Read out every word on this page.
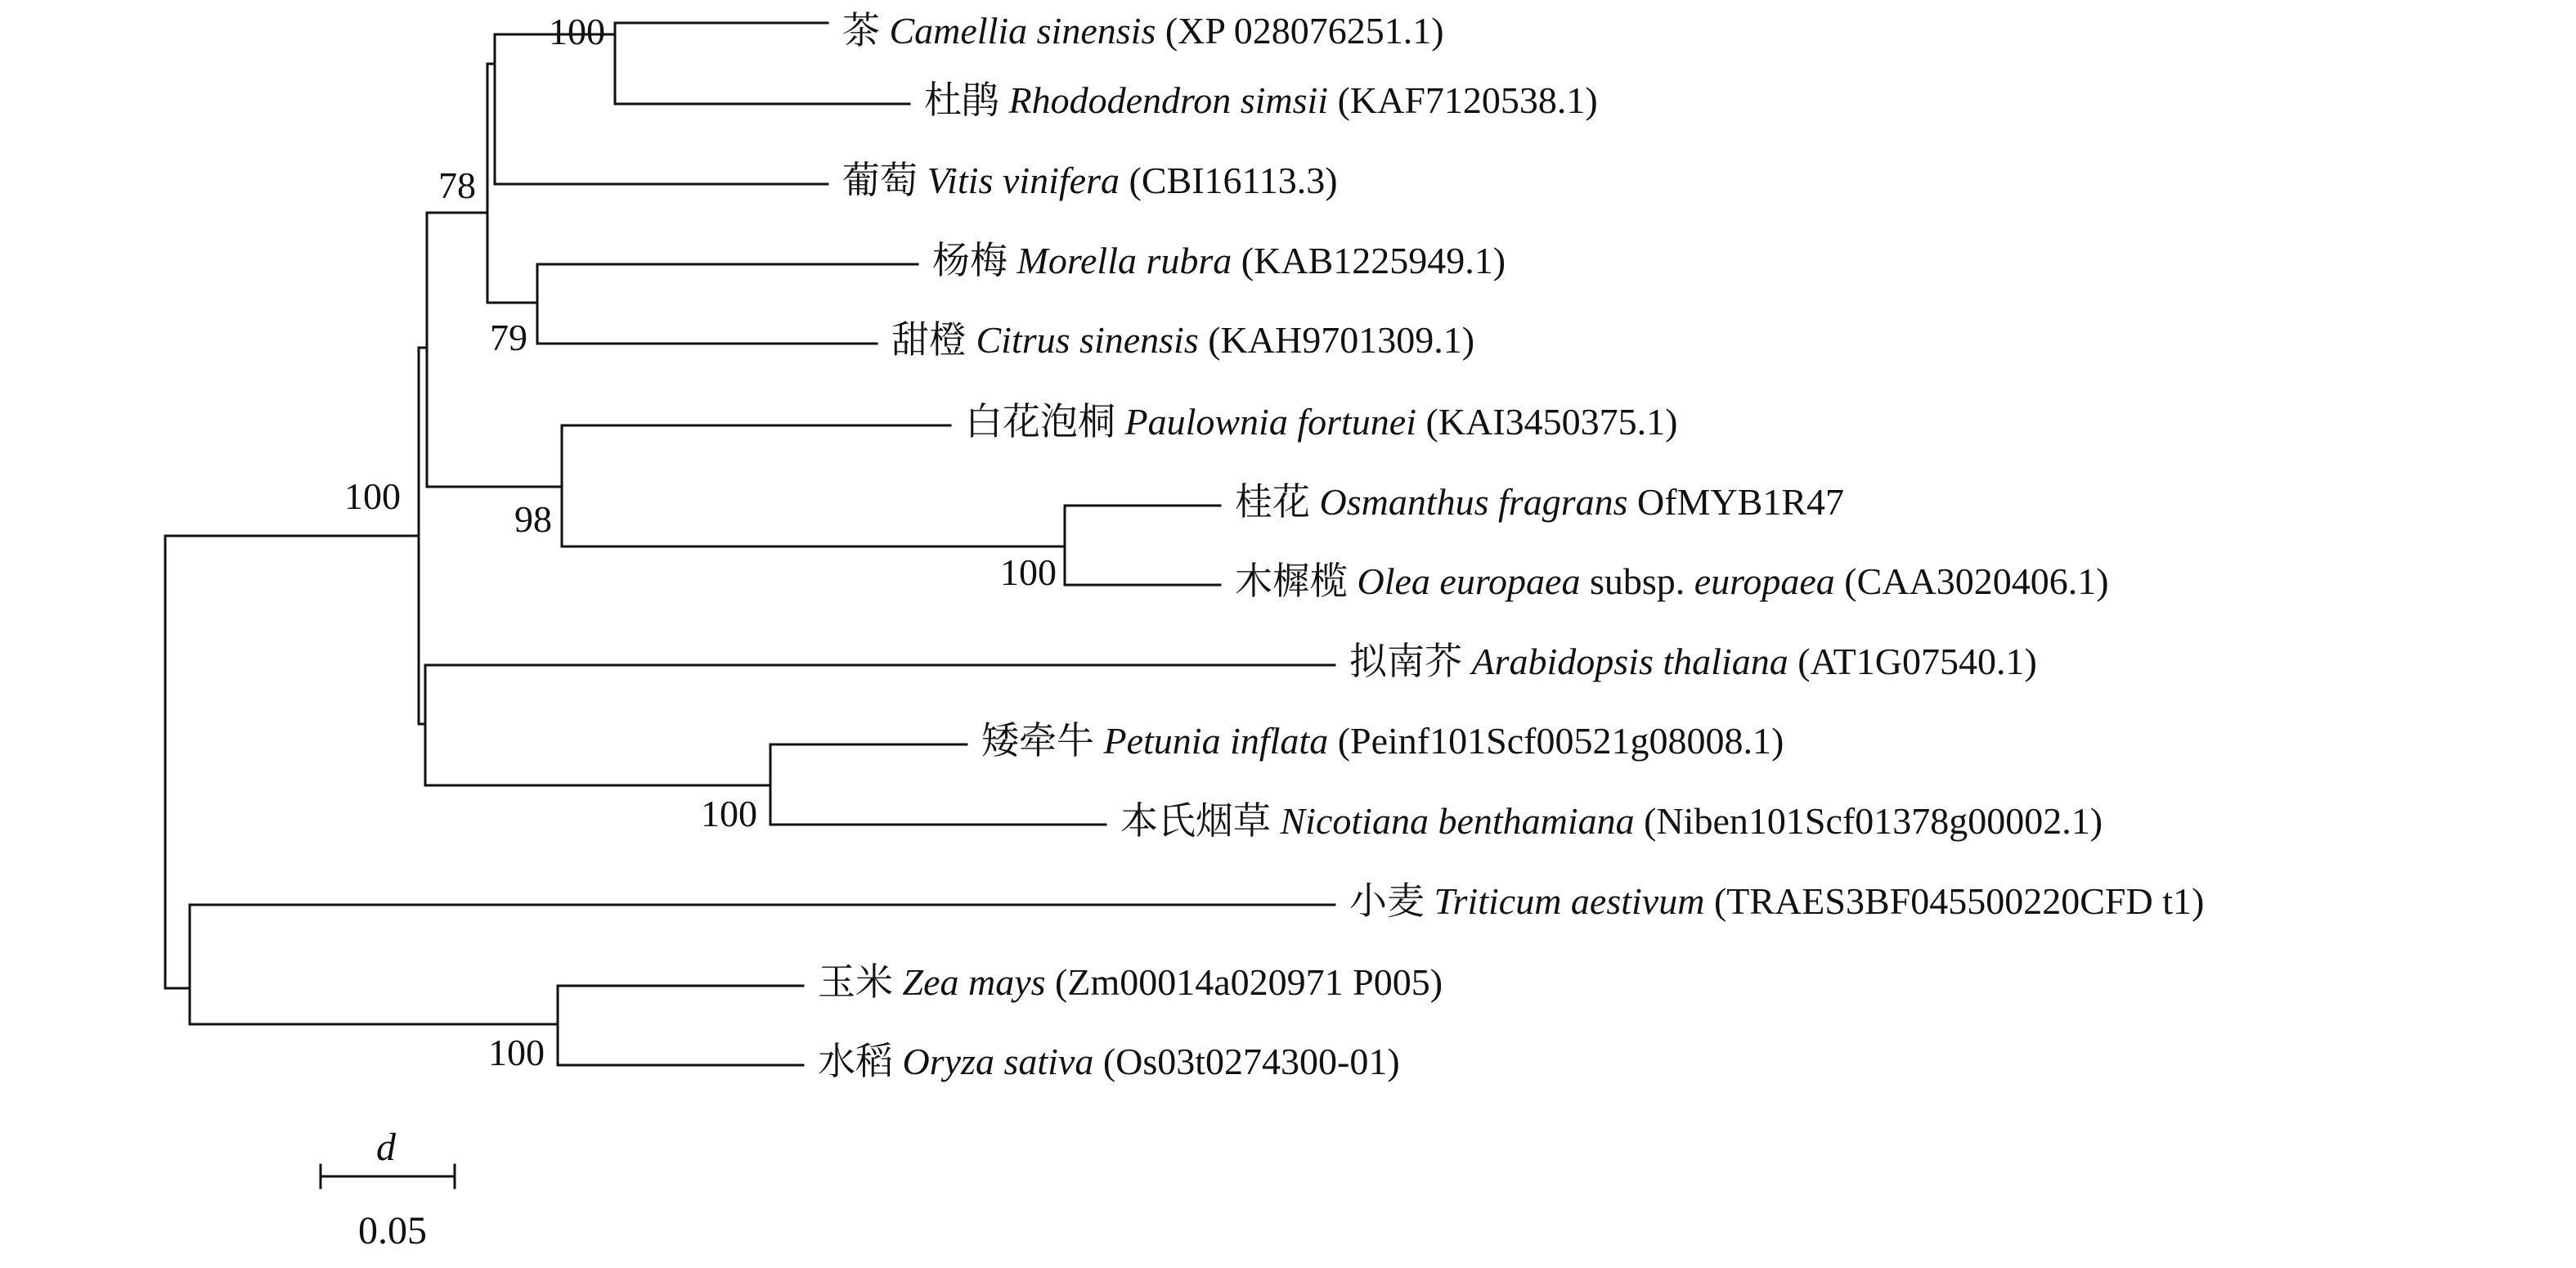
100
78
79
98
100
100
100
100
茶 Camellia sinensis (XP 028076251.1)
杜鹃 Rhododendron simsii (KAF7120538.1)
葡萄 Vitis vinifera (CBI16113.3)
杨梅 Morella rubra (KAB1225949.1)
甜橙 Citrus sinensis (KAH9701309.1)
白花泡桐 Paulownia fortunei (KAI3450375.1)
桂花 Osmanthus fragrans OfMYB1R47
木樨榄 Olea europaea subsp. europaea (CAA3020406.1)
拟南芥 Arabidopsis thaliana (AT1G07540.1)
矮牵牛 Petunia inflata (Peinf101Scf00521g08008.1)
本氏烟草 Nicotiana benthamiana (Niben101Scf01378g00002.1)
小麦 Triticum aestivum (TRAES3BF045500220CFD t1)
玉米 Zea mays (Zm00014a020971 P005)
水稻 Oryza sativa (Os03t0274300-01)
d
0.05
